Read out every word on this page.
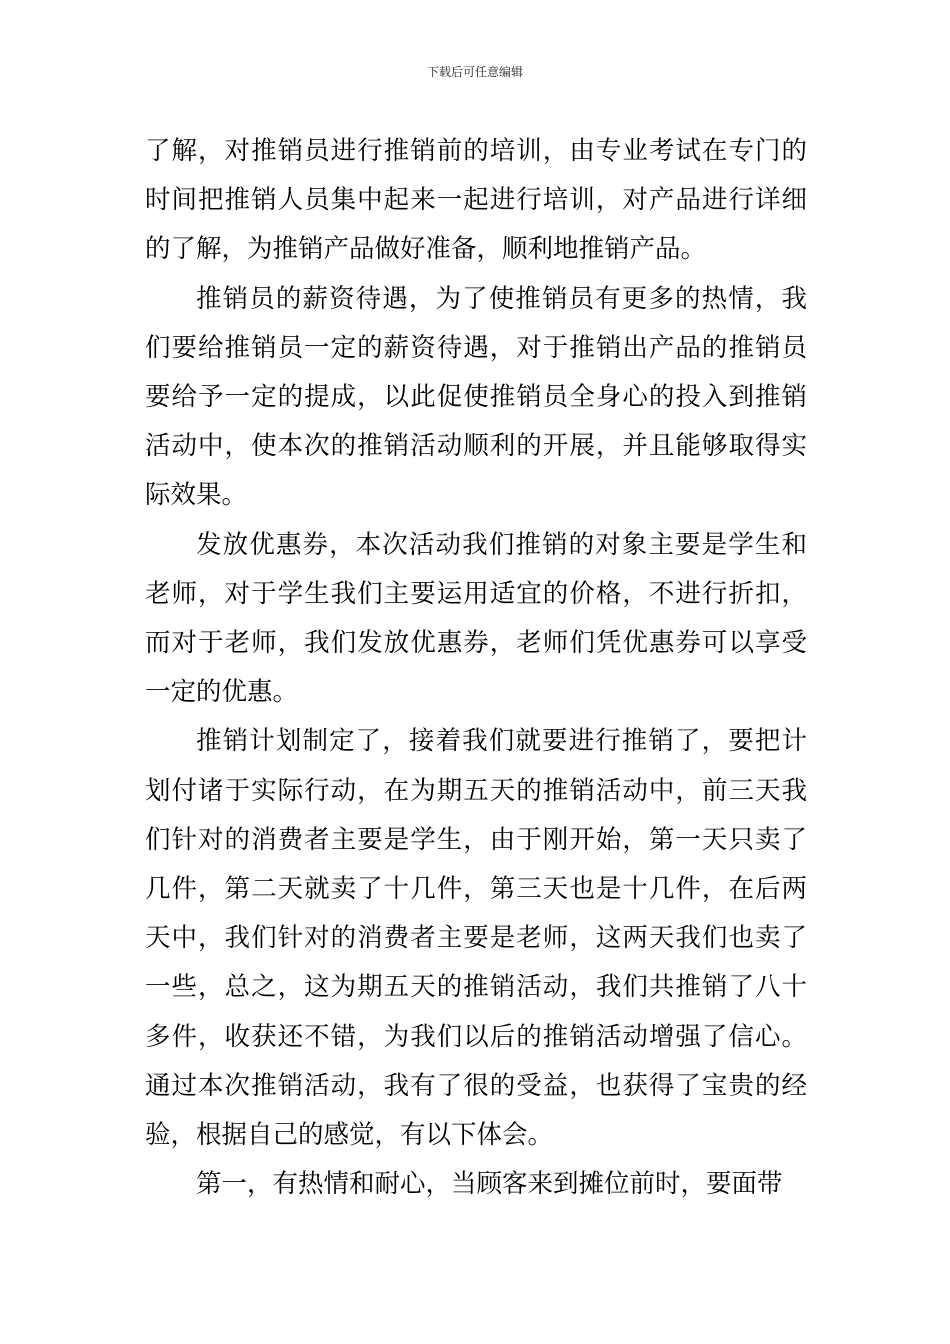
下载后可任意编辑

了解，对推销员进行推销前的培训，由专业考试在专门的时间把推销人员集中起来一起进行培训，对产品进行详细的了解，为推销产品做好准备，顺利地推销产品。

推销员的薪资待遇，为了使推销员有更多的热情，我们要给推销员一定的薪资待遇，对于推销出产品的推销员要给予一定的提成，以此促使推销员全身心的投入到推销活动中，使本次的推销活动顺利的开展，并且能够取得实际效果。

发放优惠券，本次活动我们推销的对象主要是学生和老师，对于学生我们主要运用适宜的价格，不进行折扣，而对于老师，我们发放优惠券，老师们凭优惠券可以享受一定的优惠。

推销计划制定了，接着我们就要进行推销了，要把计划付诸于实际行动，在为期五天的推销活动中，前三天我们针对的消费者主要是学生，由于刚开始，第一天只卖了几件，第二天就卖了十几件，第三天也是十几件，在后两天中，我们针对的消费者主要是老师，这两天我们也卖了一些，总之，这为期五天的推销活动，我们共推销了八十多件，收获还不错，为我们以后的推销活动增强了信心。通过本次推销活动，我有了很的受益，也获得了宝贵的经验，根据自己的感觉，有以下体会。

第一，有热情和耐心，当顾客来到摊位前时，要面带
